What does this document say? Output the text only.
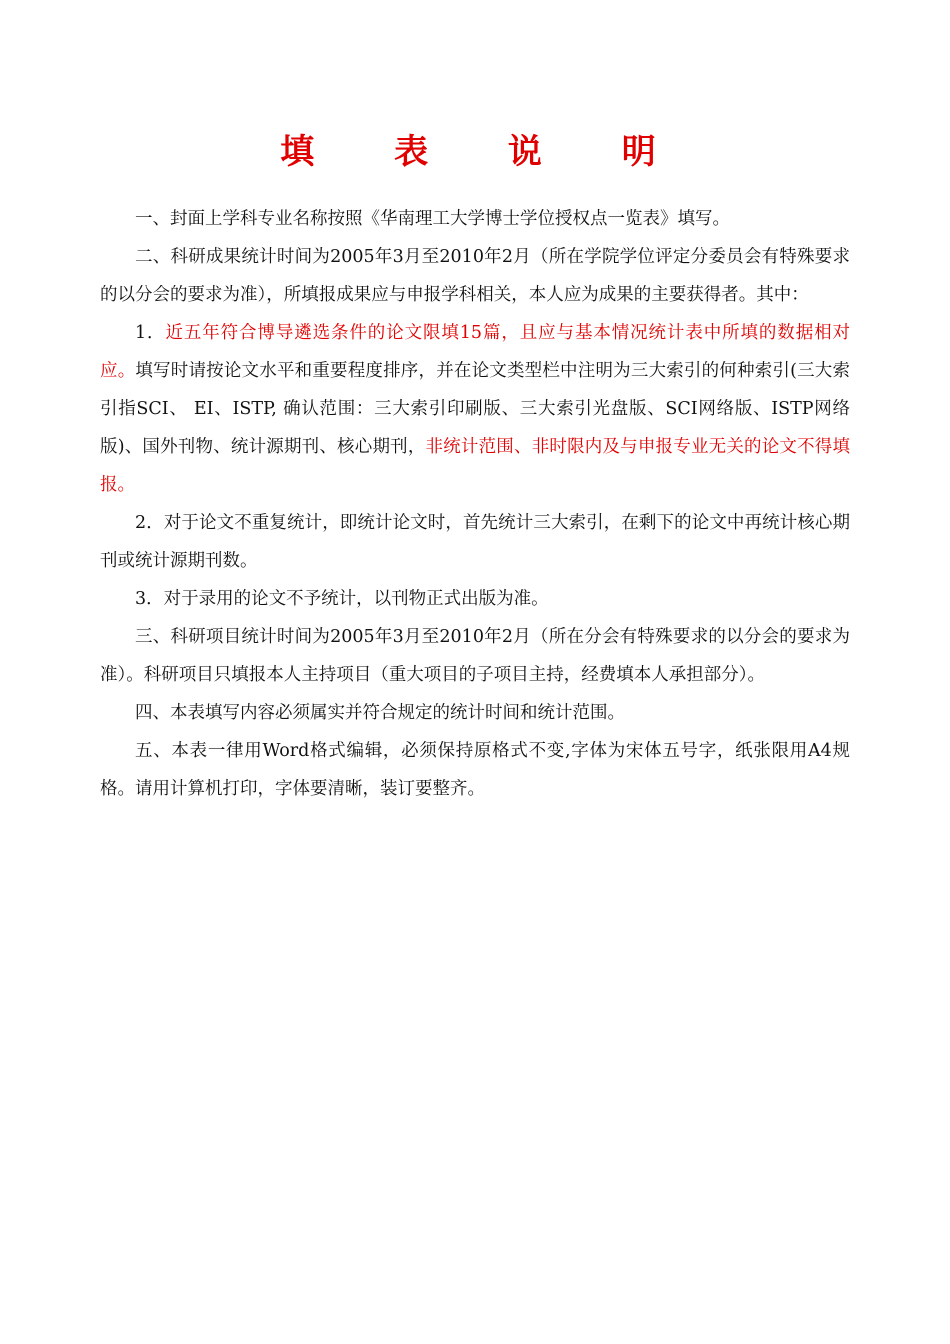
填 表 说 明

一、封面上学科专业名称按照《华南理工大学博士学位授权点一览表》填写。

二、科研成果统计时间为2005年3月至2010年2月（所在学院学位评定分委员会有特殊要求的以分会的要求为准），所填报成果应与申报学科相关，本人应为成果的主要获得者。其中：

1．近五年符合博导遴选条件的论文限填15篇，且应与基本情况统计表中所填的数据相对应。填写时请按论文水平和重要程度排序，并在论文类型栏中注明为三大索引的何种索引(三大索引指SCI、 EI、ISTP, 确认范围：三大索引印刷版、三大索引光盘版、SCI网络版、ISTP网络版)、国外刊物、统计源期刊、核心期刊，非统计范围、非时限内及与申报专业无关的论文不得填报。

2．对于论文不重复统计，即统计论文时，首先统计三大索引，在剩下的论文中再统计核心期刊或统计源期刊数。

3．对于录用的论文不予统计，以刊物正式出版为准。

三、科研项目统计时间为2005年3月至2010年2月（所在分会有特殊要求的以分会的要求为准）。科研项目只填报本人主持项目（重大项目的子项目主持，经费填本人承担部分）。

四、本表填写内容必须属实并符合规定的统计时间和统计范围。

五、本表一律用Word格式编辑，必须保持原格式不变,字体为宋体五号字，纸张限用A4规格。请用计算机打印，字体要清晰，装订要整齐。
